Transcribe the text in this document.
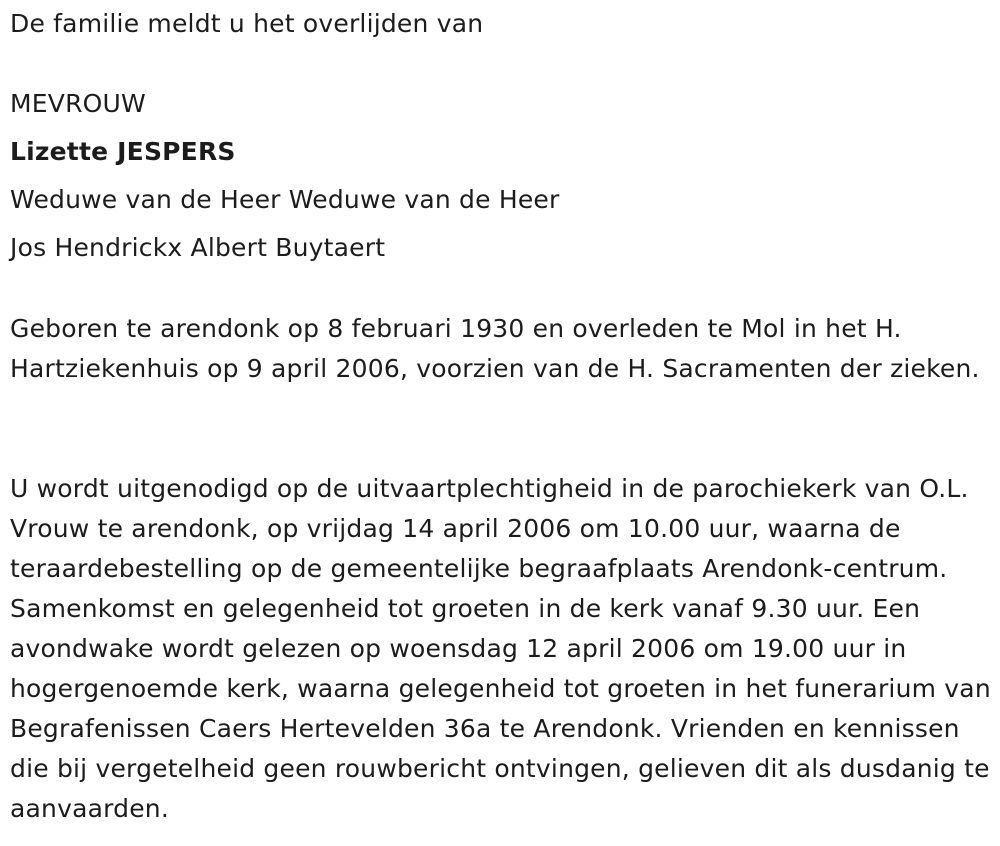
De familie meldt u het overlijden van
MEVROUW
Lizette JESPERS
Weduwe van de Heer Weduwe van de Heer
Jos Hendrickx Albert Buytaert
Geboren te arendonk op 8 februari 1930 en overleden te Mol in het H. Hartziekenhuis op 9 april 2006, voorzien van de H. Sacramenten der zieken.
U wordt uitgenodigd op de uitvaartplechtigheid in de parochiekerk van O.L. Vrouw te arendonk, op vrijdag 14 april 2006 om 10.00 uur, waarna de teraardebestelling op de gemeentelijke begraafplaats Arendonk-centrum. Samenkomst en gelegenheid tot groeten in de kerk vanaf 9.30 uur. Een avondwake wordt gelezen op woensdag 12 april 2006 om 19.00 uur in hogergenoemde kerk, waarna gelegenheid tot groeten in het funerarium van Begrafenissen Caers Hertevelden 36a te Arendonk. Vrienden en kennissen die bij vergetelheid geen rouwbericht ontvingen, gelieven dit als dusdanig te aanvaarden.
